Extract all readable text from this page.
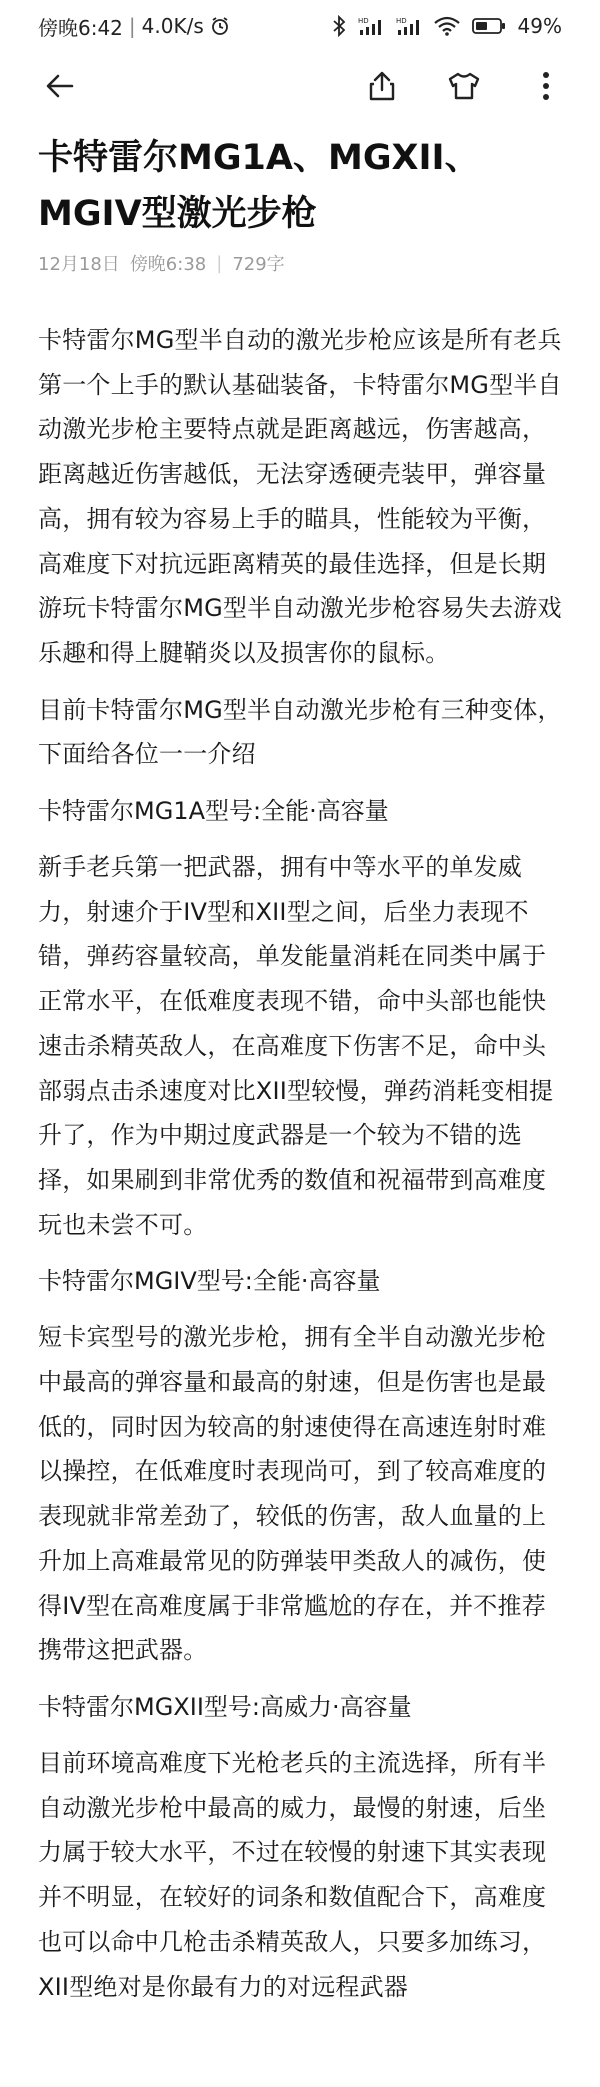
傍晚6:42 | 4.0K/s	HD	HD	49%
卡特雷尔MG1A、MGXII、MGIV型激光步枪
12月18日 傍晚6:38 | 729字

卡特雷尔MG型半自动的激光步枪应该是所有老兵第一个上手的默认基础装备，卡特雷尔MG型半自动激光步枪主要特点就是距离越远，伤害越高，距离越近伤害越低，无法穿透硬壳装甲，弹容量高，拥有较为容易上手的瞄具，性能较为平衡，高难度下对抗远距离精英的最佳选择，但是长期游玩卡特雷尔MG型半自动激光步枪容易失去游戏乐趣和得上腱鞘炎以及损害你的鼠标。

目前卡特雷尔MG型半自动激光步枪有三种变体，下面给各位一一介绍

卡特雷尔MG1A型号:全能·高容量

新手老兵第一把武器，拥有中等水平的单发威力，射速介于IV型和XII型之间，后坐力表现不错，弹药容量较高，单发能量消耗在同类中属于正常水平，在低难度表现不错，命中头部也能快速击杀精英敌人，在高难度下伤害不足，命中头部弱点击杀速度对比XII型较慢，弹药消耗变相提升了，作为中期过度武器是一个较为不错的选择，如果刷到非常优秀的数值和祝福带到高难度玩也未尝不可。

卡特雷尔MGIV型号:全能·高容量

短卡宾型号的激光步枪，拥有全半自动激光步枪中最高的弹容量和最高的射速，但是伤害也是最低的，同时因为较高的射速使得在高速连射时难以操控，在低难度时表现尚可，到了较高难度的表现就非常差劲了，较低的伤害，敌人血量的上升加上高难最常见的防弹装甲类敌人的减伤，使得IV型在高难度属于非常尴尬的存在，并不推荐携带这把武器。

卡特雷尔MGXII型号:高威力·高容量

目前环境高难度下光枪老兵的主流选择，所有半自动激光步枪中最高的威力，最慢的射速，后坐力属于较大水平，不过在较慢的射速下其实表现并不明显，在较好的词条和数值配合下，高难度也可以命中几枪击杀精英敌人，只要多加练习，XII型绝对是你最有力的对远程武器
